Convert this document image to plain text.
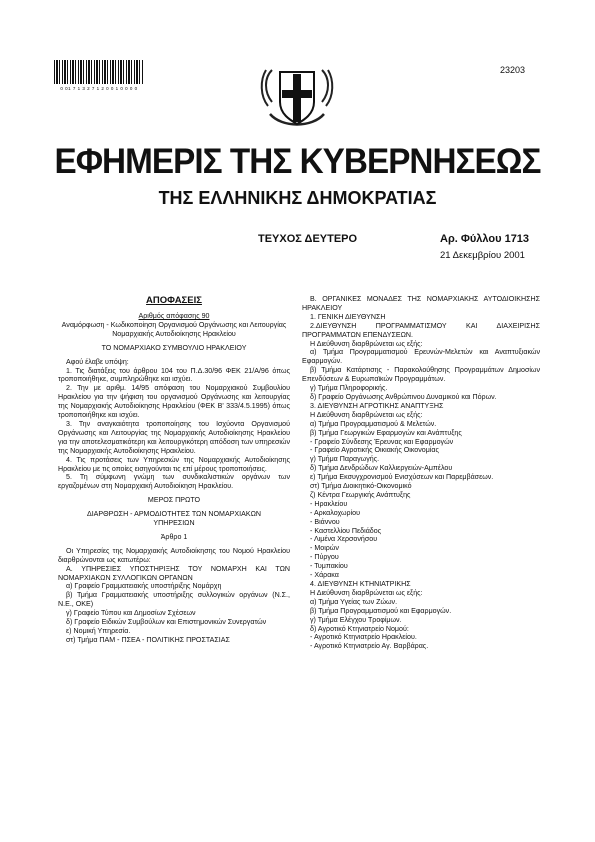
0 01 7 1 3 2 7 1 2 0 0 1 0 0 0 0
23203
ΕΦΗΜΕΡΙΣ ΤΗΣ ΚΥΒΕΡΝΗΣΕΩΣ
ΤΗΣ ΕΛΛΗΝΙΚΗΣ ΔΗΜΟΚΡΑΤΙΑΣ
ΤΕΥΧΟΣ ΔΕΥΤΕΡΟ	Αρ. Φύλλου 1713
21 Δεκεμβρίου 2001

ΑΠΟΦΑΣΕΙΣ

Αριθμός απόφασης 90

Αναμόρφωση - Κωδικοποίηση Οργανισμού Οργάνωσης και Λειτουργίας Νομαρχιακής Αυτοδιοίκησης Ηρακλείου

ΤΟ ΝΟΜΑΡΧΙΑΚΟ ΣΥΜΒΟΥΛΙΟ ΗΡΑΚΛΕΙΟΥ

Αφού έλαβε υπόψη:

1. Τις διατάξεις του άρθρου 104 του Π.Δ.30/96 ΦΕΚ 21/Α/96 όπως τροποποιήθηκε, συμπληρώθηκε και ισχύει.

2. Την με αριθμ. 14/95 απόφαση του Νομαρχιακού Συμβουλίου Ηρακλείου για την ψήφιση του οργανισμού Οργάνωσης και λειτουργίας της Νομαρχιακής Αυτοδιοίκησης Ηρακλείου (ΦΕΚ Β' 333/4.5.1995) όπως τροποποιήθηκε και ισχύει.

3. Την αναγκαιότητα τροποποίησης του Ισχύοντα Οργανισμού Οργάνωσης και Λειτουργίας της Νομαρχιακής Αυτοδιοίκησης Ηρακλείου για την αποτελεσματικότερη και λειτουργικότερη απόδοση των υπηρεσιών της Νομαρχιακής Αυτοδιοίκησης Ηρακλείου.

4. Τις προτάσεις των Υπηρεσιών της Νομαρχιακής Αυτοδιοίκησης Ηρακλείου με τις οποίες εισηγούνται τις επί μέρους τροποποιήσεις.

5. Τη σύμφωνη γνώμη των συνδικαλιστικών οργάνων των εργαζομένων στη Νομαρχιακή Αυτοδιοίκηση Ηρακλείου.

ΜΕΡΟΣ ΠΡΩΤΟ

ΔΙΑΡΘΡΩΣΗ - ΑΡΜΟΔΙΟΤΗΤΕΣ ΤΩΝ ΝΟΜΑΡΧΙΑΚΩΝ

ΥΠΗΡΕΣΙΩΝ

Άρθρο 1

Οι Υπηρεσίες της Νομαρχιακής Αυτοδιοίκησης του Νομού Ηρακλείου διαρθρώνονται ως κατωτέρω:

Α. ΥΠΗΡΕΣΙΕΣ ΥΠΟΣΤΗΡΙΞΗΣ ΤΟΥ ΝΟΜΑΡΧΗ ΚΑΙ ΤΩΝ ΝΟΜΑΡΧΙΑΚΩΝ ΣΥΛΛΟΓΙΚΩΝ ΟΡΓΑΝΩΝ

α) Γραφείο Γραμματειακής υποστήριξης Νομάρχη

β) Τμήμα Γραμματειακής υποστήριξης συλλογικών οργάνων (Ν.Σ., Ν.Ε., ΟΚΕ)

γ) Γραφείο Τύπου και Δημοσίων Σχέσεων

δ) Γραφείο Ειδικών Συμβούλων και Επιστημονικών Συνεργατών

ε) Νομική Υπηρεσία.

στ) Τμήμα ΠΑΜ - ΠΣΕΑ - ΠΟΛΙΤΙΚΗΣ ΠΡΟΣΤΑΣΙΑΣ

Β. ΟΡΓΑΝΙΚΕΣ ΜΟΝΑΔΕΣ ΤΗΣ ΝΟΜΑΡΧΙΑΚΗΣ ΑΥΤΟΔΙΟΙΚΗΣΗΣ ΗΡΑΚΛΕΙΟΥ

1. ΓΕΝΙΚΗ ΔΙΕΥΘΥΝΣΗ

2.ΔΙΕΥΘΥΝΣΗ ΠΡΟΓΡΑΜΜΑΤΙΣΜΟΥ ΚΑΙ ΔΙΑΧΕΙΡΙΣΗΣ ΠΡΟΓΡΑΜΜΑΤΩΝ ΕΠΕΝΔΥΣΕΩΝ.

Η Διεύθυνση διαρθρώνεται ως εξής:

α) Τμήμα Προγραμματισμού Ερευνών-Μελετών και Αναπτυξιακών Εφαρμογών.

β) Τμήμα Κατάρτισης - Παρακολούθησης Προγραμμάτων Δημοσίων Επενδύσεων & Ευρωπαϊκών Προγραμμάτων.

γ) Τμήμα Πληροφορικής.

δ) Γραφείο Οργάνωσης Ανθρώπινου Δυναμικού και Πόρων.

3. ΔΙΕΥΘΥΝΣΗ ΑΓΡΟΤΙΚΗΣ ΑΝΑΠΤΥΞΗΣ

Η Διεύθυνση διαρθρώνεται ως εξής:

α) Τμήμα Προγραμματισμού & Μελετών.

β) Τμήμα Γεωργικών Εφαρμογών και Ανάπτυξης

- Γραφείο Σύνδεσης Έρευνας και Εφαρμογών

- Γραφείο Αγροτικής Οικιακής Οικονομίας

γ) Τμήμα Παραγωγής.

δ) Τμήμα Δενδρώδων Καλλιεργειών-Αμπέλου

ε) Τμήμα Εκσυγχρονισμού Ενισχύσεων και Παρεμβάσεων.

στ) Τμήμα Διοικητικό-Οικονομικό

ζ) Κέντρα Γεωργικής Ανάπτυξης

- Ηρακλείου

- Αρκαλοχωρίου

- Βιάννου

- Καστελλίου Πεδιάδος

- Λιμένα Χερσονήσου

- Μοιρών

- Πύργου

- Τυμπακίου

- Χάρακα

4. ΔΙΕΥΘΥΝΣΗ ΚΤΗΝΙΑΤΡΙΚΗΣ

Η Διεύθυνση διαρθρώνεται ως εξής:

α) Τμήμα Υγείας των Ζώων.

β) Τμήμα Προγραμματισμού και Εφαρμογών.

γ) Τμήμα Ελέγχου Τροφίμων.

δ) Αγροτικό Κτηνιατρείο Νομού:

- Αγροτικό Κτηνιατρείο Ηρακλείου.

- Αγροτικό Κτηνιατρείο Αγ. Βαρβάρας.
